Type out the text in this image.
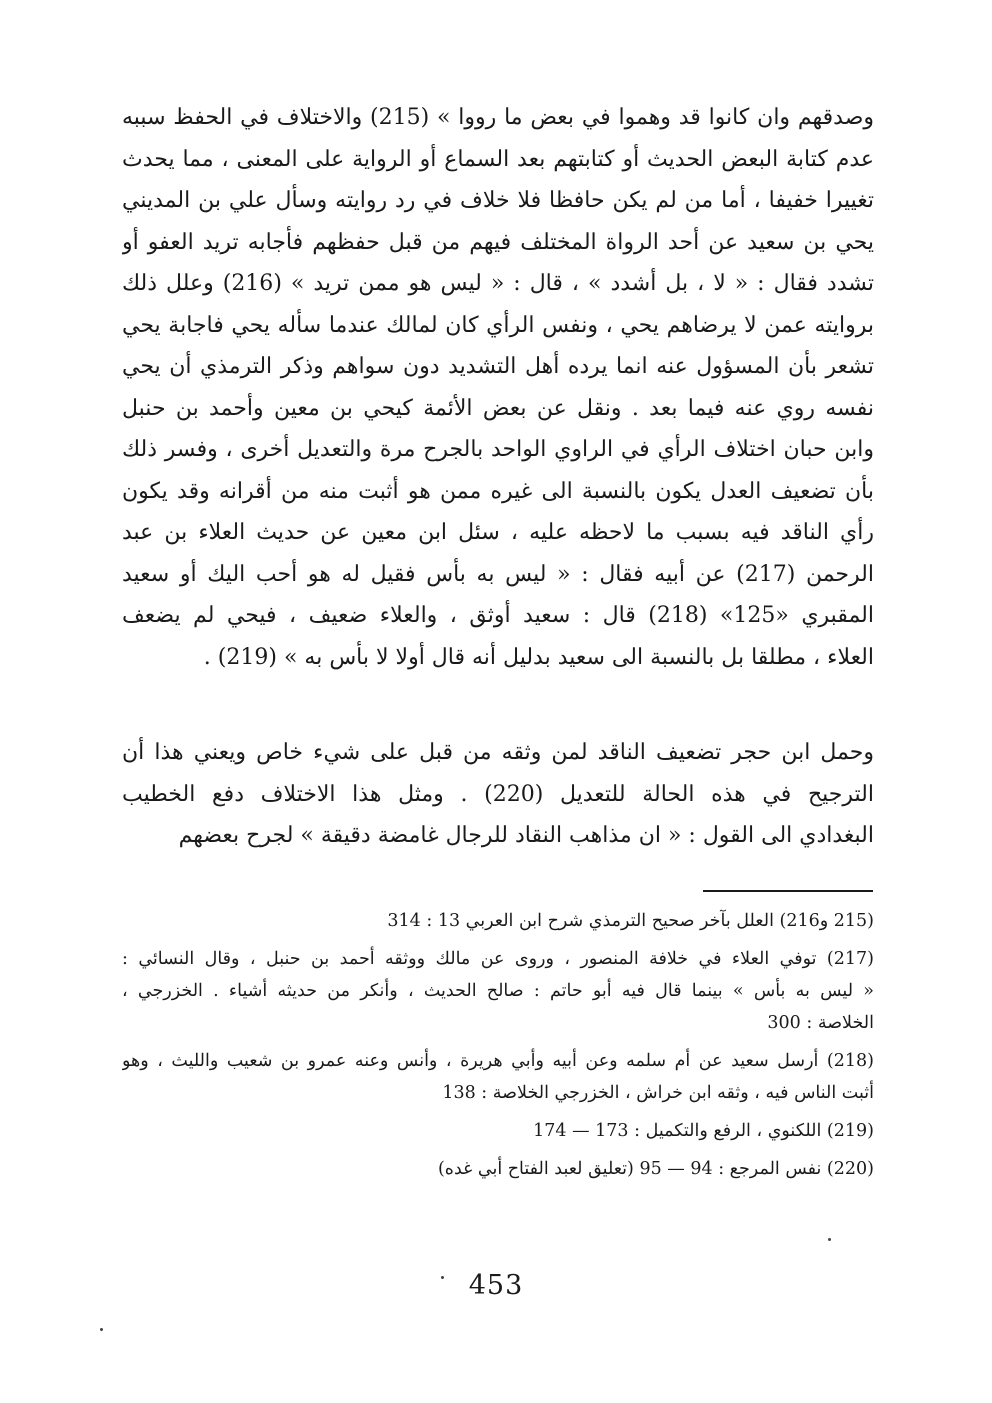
وصدقهم وان كانوا قد وهموا في بعض ما رووا » (215) والاختلاف في الحفظ سببه
عدم كتابة البعض الحديث أو كتابتهم بعد السماع أو الرواية على المعنى ، مما يحدث
تغييرا خفيفا ، أما من لم يكن حافظا فلا خلاف في رد روايته وسأل علي بن المديني
يحي بن سعيد عن أحد الرواة المختلف فيهم من قبل حفظهم فأجابه تريد العفو أو
تشدد فقال : « لا ، بل أشدد » ، قال : « ليس هو ممن تريد » (216) وعلل ذلك
بروايته عمن لا يرضاهم يحي ، ونفس الرأي كان لمالك عندما سأله يحي فاجابة يحي
تشعر بأن المسؤول عنه انما يرده أهل التشديد دون سواهم وذكر الترمذي أن يحي
نفسه روي عنه فيما بعد . ونقل عن بعض الأئمة كيحي بن معين وأحمد بن حنبل
وابن حبان اختلاف الرأي في الراوي الواحد بالجرح مرة والتعديل أخرى ، وفسر ذلك
بأن تضعيف العدل يكون بالنسبة الى غيره ممن هو أثبت منه من أقرانه وقد يكون
رأي الناقد فيه بسبب ما لاحظه عليه ، سئل ابن معين عن حديث العلاء بن عبد
الرحمن (217) عن أبيه فقال : « ليس به بأس فقيل له هو أحب اليك أو سعيد
المقبري «125» (218) قال : سعيد أوثق ، والعلاء ضعيف ، فيحي لم يضعف
العلاء ، مطلقا بل بالنسبة الى سعيد بدليل أنه قال أولا لا بأس به » (219) .
وحمل ابن حجر تضعيف الناقد لمن وثقه من قبل على شيء خاص ويعني هذا أن
الترجيح في هذه الحالة للتعديل (220) . ومثل هذا الاختلاف دفع الخطيب
البغدادي الى القول : « ان مذاهب النقاد للرجال غامضة دقيقة » لجرح بعضهم
(215 و216) العلل بآخر صحيح الترمذي شرح ابن العربي 13 : 314
(217) توفي العلاء في خلافة المنصور ، وروى عن مالك ووثقه أحمد بن حنبل ، وقال النسائي :
« ليس به بأس » بينما قال فيه أبو حاتم : صالح الحديث ، وأنكر من حديثه أشياء . الخزرجي ،
الخلاصة : 300
(218) أرسل سعيد عن أم سلمه وعن أبيه وأبي هريرة ، وأنس وعنه عمرو بن شعيب والليث ، وهو
أثبت الناس فيه ، وثقه ابن خراش ، الخزرجي الخلاصة : 138
(219) اللكنوي ، الرفع والتكميل : 173 — 174
(220) نفس المرجع : 94 — 95 (تعليق لعبد الفتاح أبي غده)
453
